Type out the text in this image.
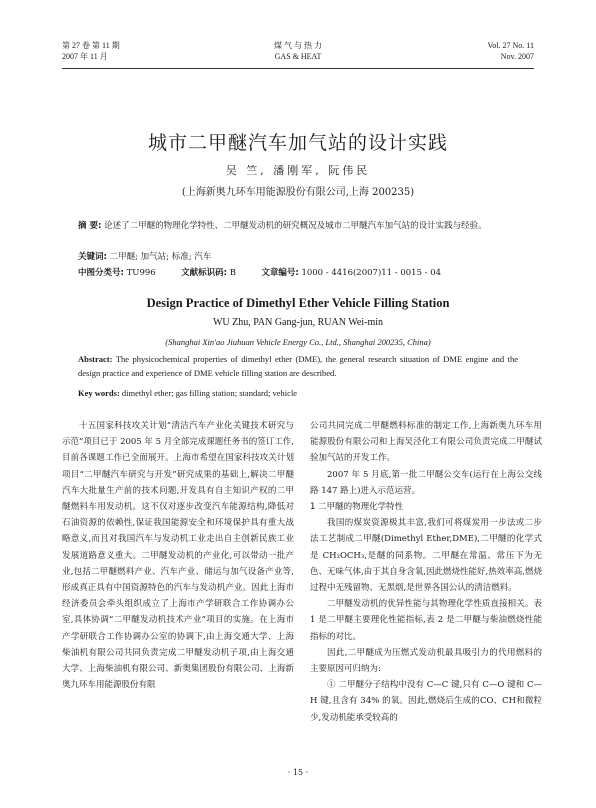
第 27 卷 第 11 期
2007 年 11 月
煤 气 与 热 力
GAS & HEAT
Vol. 27 No. 11
Nov. 2007
城市二甲醚汽车加气站的设计实践
吴 竺, 潘刚军, 阮伟民
(上海新奥九环车用能源股份有限公司,上海 200235)
摘 要: 论述了二甲醚的物理化学特性、二甲醚发动机的研究概况及城市二甲醚汽车加气站的设计实践与经验。
关键词: 二甲醚; 加气站; 标准; 汽车
中图分类号: TU996	文献标识码: B	文章编号: 1000 - 4416(2007)11 - 0015 - 04
Design Practice of Dimethyl Ether Vehicle Filling Station
WU Zhu, PAN Gang-jun, RUAN Wei-min
(Shanghai Xin'ao Jiuhuan Vehicle Energy Co., Ltd., Shanghai 200235, China)
Abstract: The physicochemical properties of dimethyl ether (DME), the general research situation of DME engine and the design practice and experience of DME vehicle filling station are described.
Key words: dimethyl ether; gas filling station; standard; vehicle

十五国家科技攻关计划“清洁汽车产业化关键技术研究与示范”项目已于 2005 年 5 月全部完成课题任务书的签订工作,目前各课题工作已全面展开。上海市希望在国家科技攻关计划项目“二甲醚汽车研究与开发”研究成果的基础上,解决二甲醚汽车大批量生产前的技术问题,开发具有自主知识产权的二甲醚燃料车用发动机。这不仅对逐步改变汽车能源结构,降低对石油资源的依赖性,保证我国能源安全和环境保护具有重大战略意义,而且对我国汽车与发动机工业走出自主创新民族工业发展道路意义重大。二甲醚发动机的产业化,可以带动一批产业,包括二甲醚燃料产业、汽车产业、储运与加气设备产业等,形成真正具有中国资源特色的汽车与发动机产业。因此上海市经济委员会牵头组织成立了上海市产学研联合工作协调办公室,具体协调“二甲醚发动机技术产业”项目的实施。在上海市产学研联合工作协调办公室的协调下,由上海交通大学、上海柴油机有限公司共同负责完成二甲醚发动机子项,由上海交通大学、上海柴油机有限公司、新奥集团股份有限公司、上海新奥九环车用能源股份有限

公司共同完成二甲醚燃料标准的制定工作,上海新奥九环车用能源股份有限公司和上海吴泾化工有限公司负责完成二甲醚试验加气站的开发工作。

2007 年 5 月底,第一批二甲醚公交车(运行在上海公交线路 147 路上)进入示范运营。

1 二甲醚的物理化学特性

我国的煤炭资源极其丰富,我们可将煤炭用一步法或二步法工艺制成二甲醚(Dimethyl Ether,DME),二甲醚的化学式是 CH₃OCH₃,是醚的同系物。二甲醚在常温、常压下为无色、无味气体,由于其自身含氧,因此燃烧性能好,热效率高,燃烧过程中无残留物、无黑烟,是世界各国公认的清洁燃料。

二甲醚发动机的优异性能与其物理化学性质直接相关。表 1 是二甲醚主要理化性能指标,表 2 是二甲醚与柴油燃烧性能指标的对比。

因此,二甲醚成为压燃式发动机最具吸引力的代用燃料的主要原因可归纳为:

① 二甲醚分子结构中没有 C—C 键,只有 C—O 键和 C—H 键,且含有 34% 的氧。因此,燃烧后生成的CO、CH和微粒少,发动机能承受较高的

· 15 ·
